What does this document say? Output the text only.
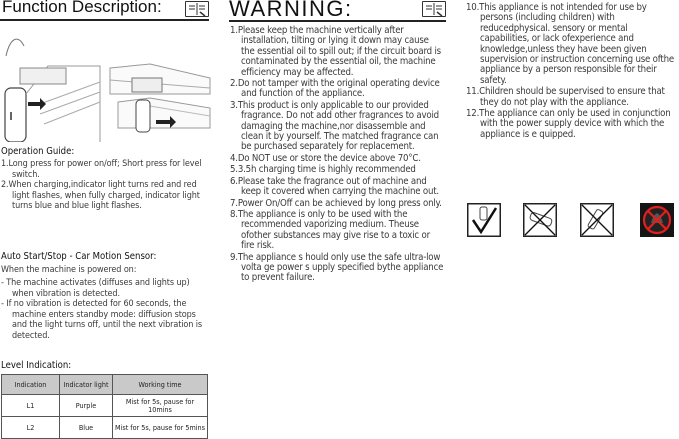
Function Description:
Operation Guide:
1.Long press for power on/off; Short press for level switch.
2.When charging,indicator light turns red and red light flashes, when fully charged, indicator light turns blue and blue light flashes.
Auto Start/Stop - Car Motion Sensor:
When the machine is powered on:
- The machine activates (diffuses and lights up) when vibration is detected.
- If no vibration is detected for 60 seconds, the machine enters standby mode: diffusion stops and the light turns off, until the next vibration is detected.
Level Indication:
Indication	Indicator light	Working time
L1	Purple	Mist for 5s, pause for 10mins
L2	Blue	Mist for 5s, pause for 5mins
WARNING:
1.Please keep the machine vertically after installation, tilting or lying it down may cause the essential oil to spill out; if the circuit board is contaminated by the essential oil, the machine efficiency may be affected.
2.Do not tamper with the original operating device and function of the appliance.
3.This product is only applicable to our provided fragrance. Do not add other fragrances to avoid damaging the machine,nor disassemble and clean it by yourself. The matched fragrance can be purchased separately for replacement.
4.Do NOT use or store the device above 70°C.
5.3.5h charging time is highly recommended
6.Please take the fragrance out of machine and keep it covered when carrying the machine out.
7.Power On/Off can be achieved by long press only.
8.The appliance is only to be used with the recommended vaporizing medium. Theuse ofother substances may give rise to a toxic or fire risk.
9.The appliance s hould only use the safe ultra-low volta ge power s upply specified bythe appliance to prevent failure.
10.This appliance is not intended for use by persons (including children) with reducedphysical. sensory or mental capabilities, or lack ofexperience and knowledge,unless they have been given supervision or instruction concerning use ofthe appliance by a person responsible for their safety.
11.Children should be supervised to ensure that they do not play with the appliance.
12.The appliance can only be used in conjunction with the power supply device with which the appliance is e quipped.
